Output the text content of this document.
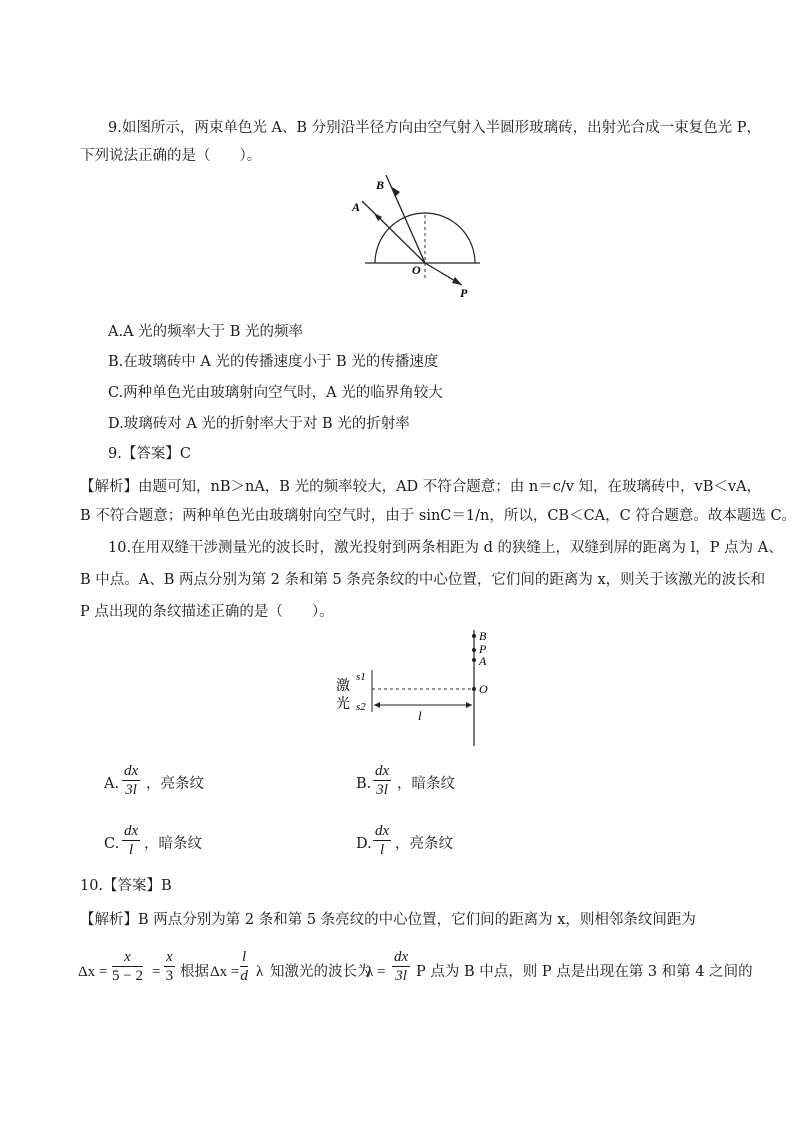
9.如图所示，两束单色光 A、B 分别沿半径方向由空气射入半圆形玻璃砖，出射光合成一束复色光 P，
下列说法正确的是（　　）。
B
A
O
P
A.A 光的频率大于 B 光的频率
B.在玻璃砖中 A 光的传播速度小于 B 光的传播速度
C.两种单色光由玻璃射向空气时，A 光的临界角较大
D.玻璃砖对 A 光的折射率大于对 B 光的折射率
9.【答案】C
【解析】由题可知，nB＞nA，B 光的频率较大，AD 不符合题意；由 n＝c/v 知，在玻璃砖中，vB＜vA，
B 不符合题意；两种单色光由玻璃射向空气时，由于 sinC＝1/n，所以，CB＜CA，C 符合题意。故本题选 C。
10.在用双缝干涉测量光的波长时，激光投射到两条相距为 d 的狭缝上，双缝到屏的距离为 l，P 点为 A、
B 中点。A、B 两点分别为第 2 条和第 5 条亮条纹的中心位置，它们间的距离为 x，则关于该激光的波长和
P 点出现的条纹描述正确的是（　　）。
B
P
A
O
s1
s2
激
光
l
A. $\frac{dx}{3l}$ ，亮条纹	B. $\frac{dx}{3l}$ ，暗条纹
C. $\frac{dx}{l}$ ，暗条纹	D. $\frac{dx}{l}$ ，亮条纹
10.【答案】B
【解析】B 两点分别为第 2 条和第 5 条亮纹的中心位置，它们间的距离为 x，则相邻条纹间距为
$\Delta x = \frac{x}{5 - 2} = \frac{x}{3}$ 根据 $\Delta x = \frac{l}{d}$ λ 知激光的波长为
$\lambda = \frac{dx}{3l}$ P 点为 B 中点，则 P 点是出现在第 3 和第 4 之间的
